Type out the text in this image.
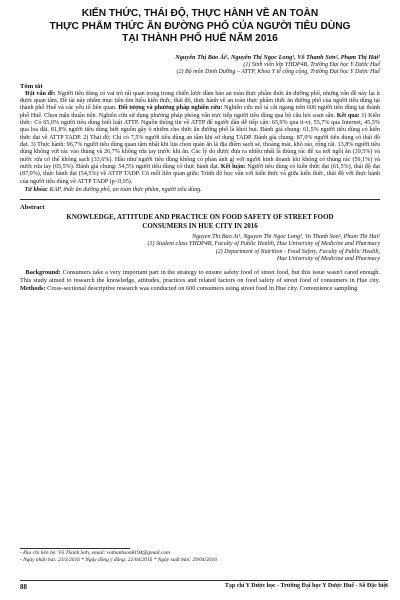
KIẾN THỨC, THÁI ĐỘ, THỰC HÀNH VỀ AN TOÀN
THỰC PHẨM THỨC ĂN ĐƯỜNG PHỐ CỦA NGƯỜI TIÊU DÙNG
TẠI THÀNH PHỐ HUẾ NĂM 2016
Nguyễn Thị Bảo Ái¹, Nguyễn Thị Ngọc Long¹, Võ Thanh Sơn², Phạm Thị Hải²
(1) Sinh viên lớp YHDP4B, Trường Đại học Y Dược Huế
(2) Bộ môn Dinh Dưỡng – ATTP, Khoa Y tế công cộng, Trường Đại học Y Dược Huế
Tóm tắt

Đặt vấn đề: Người tiêu dùng có vai trò rất quan trọng trong chiến lược đảm bảo an toàn thực phẩm thức ăn đường phố, nhưng vấn đề này lại ít được quan tâm. Đề tài này nhằm mục tiêu tìm hiểu kiến thức, thái độ, thực hành về an toàn thực phẩm thức ăn đường phố của người tiêu dùng tại thành phố Huế và các yếu tố liên quan. Đối tượng và phương pháp nghiên cứu: Nghiên cứu mô tả cắt ngang trên 600 người tiêu dùng tại thành phố Huế. Chọn mẫu thuận tiện. Nghiên cứu sử dụng phương pháp phỏng vấn trực tiếp người tiêu dùng qua bộ câu hỏi soạn sẵn. Kết quả: 1) Kiến thức: Có 65,0% người tiêu dùng biết luật ATTP. Nguồn thông tin về ATTP để người dân dễ tiếp cận: 65,9% qua ti-vi, 55,7% qua Internet, 45,5% qua loa đài. 81,8% người tiêu dùng biết nguồn gây ô nhiễm cho thức ăn đường phố là khói bụi. Đánh giá chung: 61,5% người tiêu dùng có kiến thức đạt về ATTP TADP. 2) Thái độ: Chỉ có 7,5% người tiêu dùng an tâm khi sử dụng TADP. Đánh giá chung: 87,0% người tiêu dùng có thái độ đạt. 3) Thực hành: 96,7% người tiêu dùng quan tâm nhất khi lựa chọn quán ăn là địa điểm sạch sẽ, thoáng mát, khô ráo, rộng rãi. 13,8% người tiêu dùng không vứt rác vào thùng và 26,7% không rửa tay trước khi ăn. Các lý do được đưa ra nhiều nhất là thùng rác để xa nơi ngồi ăn (39,5%) và nước rửa có thể không sạch (33,6%). Hầu như người tiêu dùng không có phản ánh gì với người kinh doanh khi không có thùng rác (59,1%) và nước rửa tay (65,5%). Đánh giá chung: 54,5% người tiêu dùng có thực hành đạt. Kết luận: Người tiêu dùng có kiến thức đạt (61,5%), thái độ đạt (87,0%), thực hành đạt (54,5%) về ATTP TADP. Có mối liên quan giữa: Trình độ học vấn với kiến thức và giữa kiến thức, thái độ với thực hành của người tiêu dùng về ATTP TADP (p<0,05).

Từ khóa: KAP, thức ăn đường phố, an toàn thực phẩm, người tiêu dùng.
Abstract
KNOWLEDGE, ATTITUDE AND PRACTICE ON FOOD SAFETY OF STREET FOOD
CONSUMERS IN HUE CITY IN 2016
Nguyen Thi Bao Ai¹, Nguyen Thi Ngoc Long¹, Vo Thanh Son², Pham Thi Hai²
(1) Student class YHDP4B, Faculty of Public Health, Hue University of Medicine and Pharmacy
(2) Department of Nutrition - Food Safety, Faculty of Public Health,
Hue University of Medicine and Pharmacy

Background: Consumers take a very important part in the strategy to ensure safety food of street food, but this issue wasn't cared enough. This study aimed to research the knowledge, attitudes, practices and related factors on food safety of street food of consumers in Hue city. Methods: Cross-sectional descriptive research was conducted on 600 consumers using street food in Hue city. Convenience sampling

- Địa chỉ liên hệ: Võ Thanh Sơn, email: vothanhson8194@gmail.com
- Ngày nhận bài: 23/3/2016 * Ngày đồng ý đăng: 22/04/2016 * Ngày xuất bản: 29/04/2016
88	Tạp chí Y Dược học - Trường Đại học Y Dược Huế - Số Đặc biệt
